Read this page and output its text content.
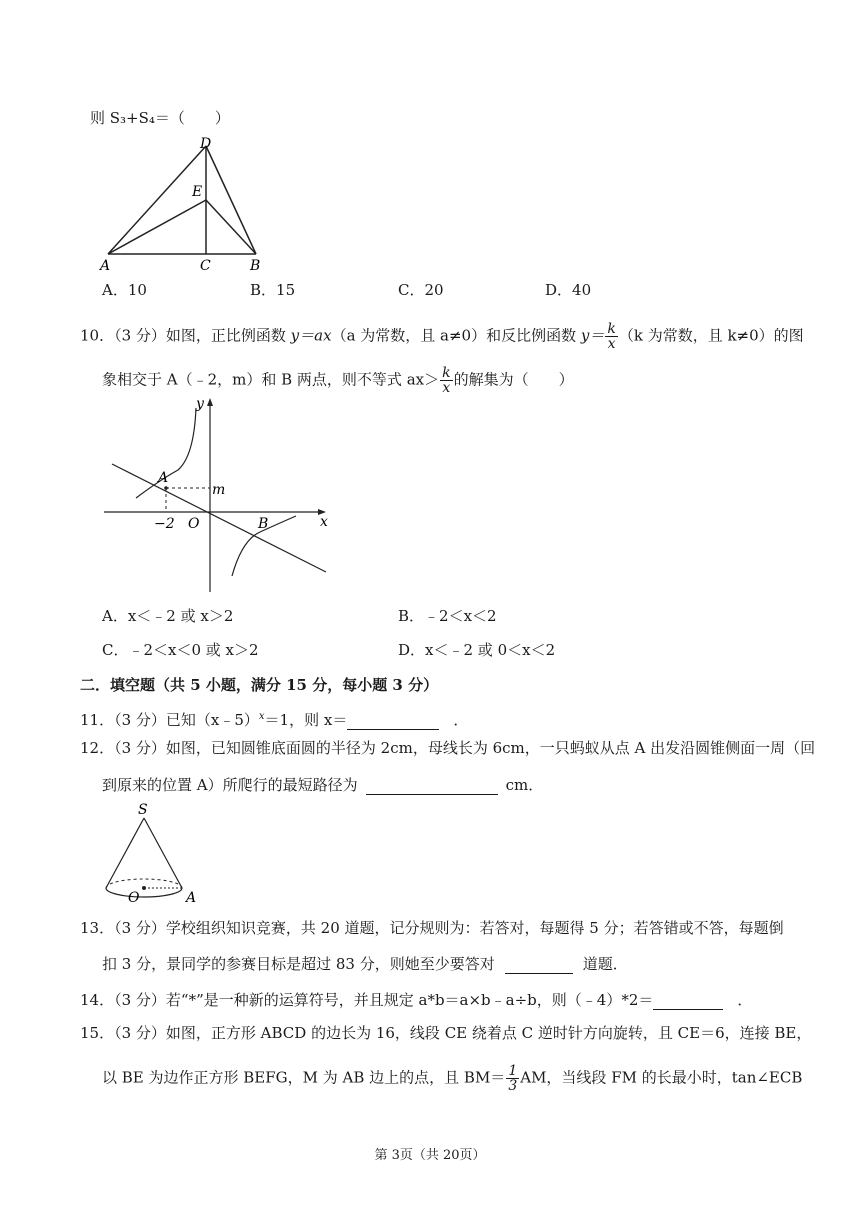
则 S₃+S₄＝（　　）
D
E
A	C	B
A．10	B．15	C．20	D．40
10．（3 分）如图，正比例函数 y＝ax（a 为常数，且 a≠0）和反比例函数 $y= \frac{k}{x} (k$ 为常数，且 k≠0）的图
象相交于 A（﹣2，m）和 B 两点，则不等式 $ax> \frac{k}{x}$ 的解集为（　　）
y
x
A
m
−2 O	B
A．x＜﹣2 或 x＞2	B．﹣2＜x＜2
C．﹣2＜x＜0 或 x＞2	D．x＜﹣2 或 0＜x＜2
二．填空题（共 5 小题，满分 15 分，每小题 3 分）
11．（3 分）已知（x﹣5）$^x$＝1，则 x＝	．
12．（3 分）如图，已知圆锥底面圆的半径为 2cm，母线长为 6cm，一只蚂蚁从点 A 出发沿圆锥侧面一周（回
到原来的位置 A）所爬行的最短路径为	cm．
S
O	A
13．（3 分）学校组织知识竞赛，共 20 道题，记分规则为：若答对，每题得 5 分；若答错或不答，每题倒
扣 3 分，景同学的参赛目标是超过 83 分，则她至少要答对	道题．
14．（3 分）若“*”是一种新的运算符号，并且规定 a*b＝a×b﹣a÷b，则（﹣4）*2＝	．
15．（3 分）如图，正方形 ABCD 的边长为 16，线段 CE 绕着点 C 逆时针方向旋转，且 CE＝6，连接 BE，
以 BE 为边作正方形 BEFG，M 为 AB 边上的点，且 $BM= \frac{1}{3}$ AM，当线段 FM 的长最小时，tan∠ECB
第 3页（共 20页）
